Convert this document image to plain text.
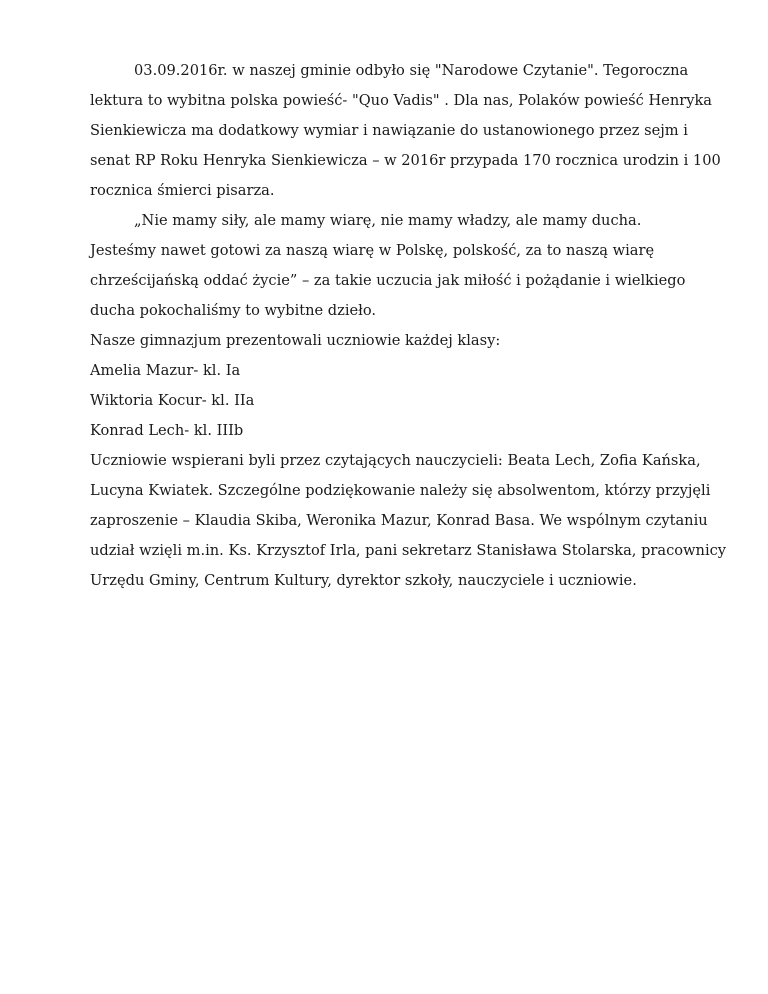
03.09.2016r. w naszej gminie odbyło się "Narodowe Czytanie". Tegoroczna
lektura to wybitna polska powieść- "Quo Vadis" . Dla nas, Polaków powieść Henryka
Sienkiewicza ma dodatkowy wymiar i nawiązanie do ustanowionego przez sejm i
senat RP Roku Henryka Sienkiewicza – w 2016r przypada 170 rocznica urodzin i 100
rocznica śmierci pisarza.
„Nie mamy siły, ale mamy wiarę, nie mamy władzy, ale mamy ducha.
Jesteśmy nawet gotowi za naszą wiarę w Polskę, polskość, za to naszą wiarę
chrześcijańską oddać życie” – za takie uczucia jak miłość i pożądanie i wielkiego
ducha pokochaliśmy to wybitne dzieło.
Nasze gimnazjum prezentowali uczniowie każdej klasy:
Amelia Mazur- kl. Ia
Wiktoria Kocur- kl. IIa
Konrad Lech- kl. IIIb
Uczniowie wspierani byli przez czytających nauczycieli: Beata Lech, Zofia Kańska,
Lucyna Kwiatek. Szczególne podziękowanie należy się absolwentom, którzy przyjęli
zaproszenie – Klaudia Skiba, Weronika Mazur, Konrad Basa. We wspólnym czytaniu
udział wzięli m.in. Ks. Krzysztof Irla, pani sekretarz Stanisława Stolarska, pracownicy
Urzędu Gminy, Centrum Kultury, dyrektor szkoły, nauczyciele i uczniowie.
